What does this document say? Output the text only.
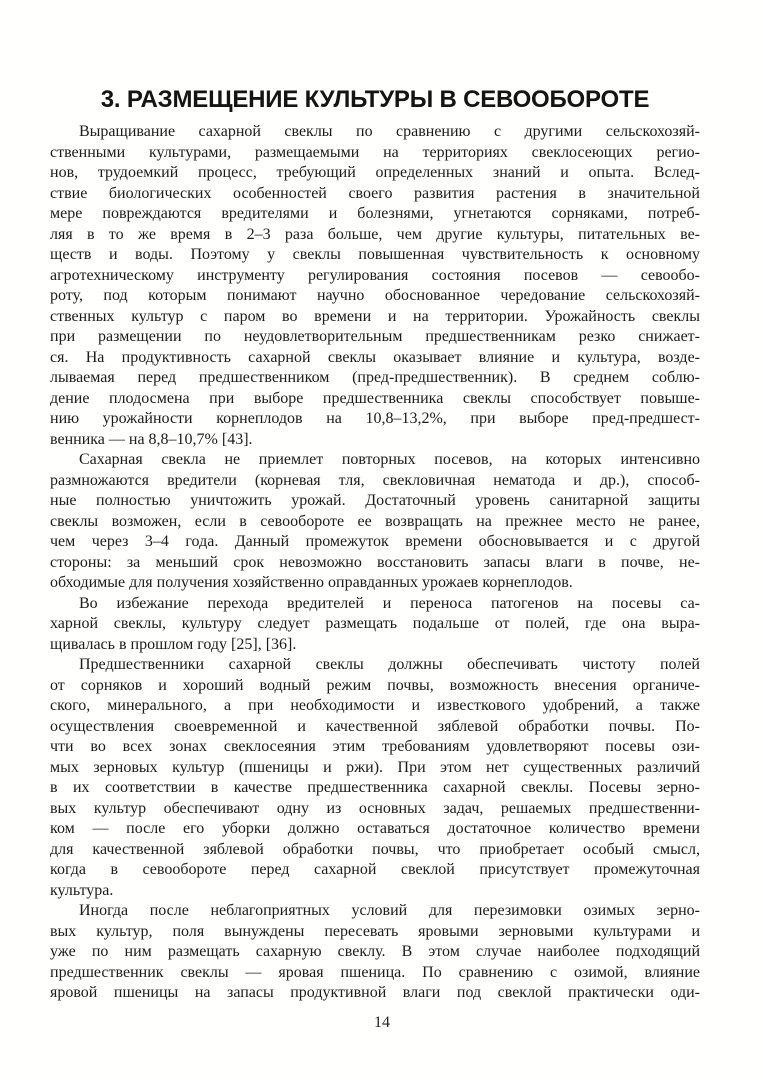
3. РАЗМЕЩЕНИЕ КУЛЬТУРЫ В СЕВООБОРОТЕ
Выращивание сахарной свеклы по сравнению с другими сельскохозяй-
ственными культурами, размещаемыми на территориях свеклосеющих регио-
нов, трудоемкий процесс, требующий определенных знаний и опыта. Вслед-
ствие биологических особенностей своего развития растения в значительной
мере повреждаются вредителями и болезнями, угнетаются сорняками, потреб-
ляя в то же время в 2–3 раза больше, чем другие культуры, питательных ве-
ществ и воды. Поэтому у свеклы повышенная чувствительность к основному
агротехническому инструменту регулирования состояния посевов — севообо-
роту, под которым понимают научно обоснованное чередование сельскохозяй-
ственных культур с паром во времени и на территории. Урожайность свеклы
при размещении по неудовлетворительным предшественникам резко снижает-
ся. На продуктивность сахарной свеклы оказывает влияние и культура, возде-
лываемая перед предшественником (пред-предшественник). В среднем соблю-
дение плодосмена при выборе предшественника свеклы способствует повыше-
нию урожайности корнеплодов на 10,8–13,2%, при выборе пред-предшест-
венника — на 8,8–10,7% [43].
Сахарная свекла не приемлет повторных посевов, на которых интенсивно
размножаются вредители (корневая тля, свекловичная нематода и др.), способ-
ные полностью уничтожить урожай. Достаточный уровень санитарной защиты
свеклы возможен, если в севообороте ее возвращать на прежнее место не ранее,
чем через 3–4 года. Данный промежуток времени обосновывается и с другой
стороны: за меньший срок невозможно восстановить запасы влаги в почве, не-
обходимые для получения хозяйственно оправданных урожаев корнеплодов.
Во избежание перехода вредителей и переноса патогенов на посевы са-
харной свеклы, культуру следует размещать подальше от полей, где она выра-
щивалась в прошлом году [25], [36].
Предшественники сахарной свеклы должны обеспечивать чистоту полей
от сорняков и хороший водный режим почвы, возможность внесения органиче-
ского, минерального, а при необходимости и известкового удобрений, а также
осуществления своевременной и качественной зяблевой обработки почвы. По-
чти во всех зонах свеклосеяния этим требованиям удовлетворяют посевы ози-
мых зерновых культур (пшеницы и ржи). При этом нет существенных различий
в их соответствии в качестве предшественника сахарной свеклы. Посевы зерно-
вых культур обеспечивают одну из основных задач, решаемых предшественни-
ком — после его уборки должно оставаться достаточное количество времени
для качественной зяблевой обработки почвы, что приобретает особый смысл,
когда в севообороте перед сахарной свеклой присутствует промежуточная
культура.
Иногда после неблагоприятных условий для перезимовки озимых зерно-
вых культур, поля вынуждены пересевать яровыми зерновыми культурами и
уже по ним размещать сахарную свеклу. В этом случае наиболее подходящий
предшественник свеклы — яровая пшеница. По сравнению с озимой, влияние
яровой пшеницы на запасы продуктивной влаги под свеклой практически оди-
14
